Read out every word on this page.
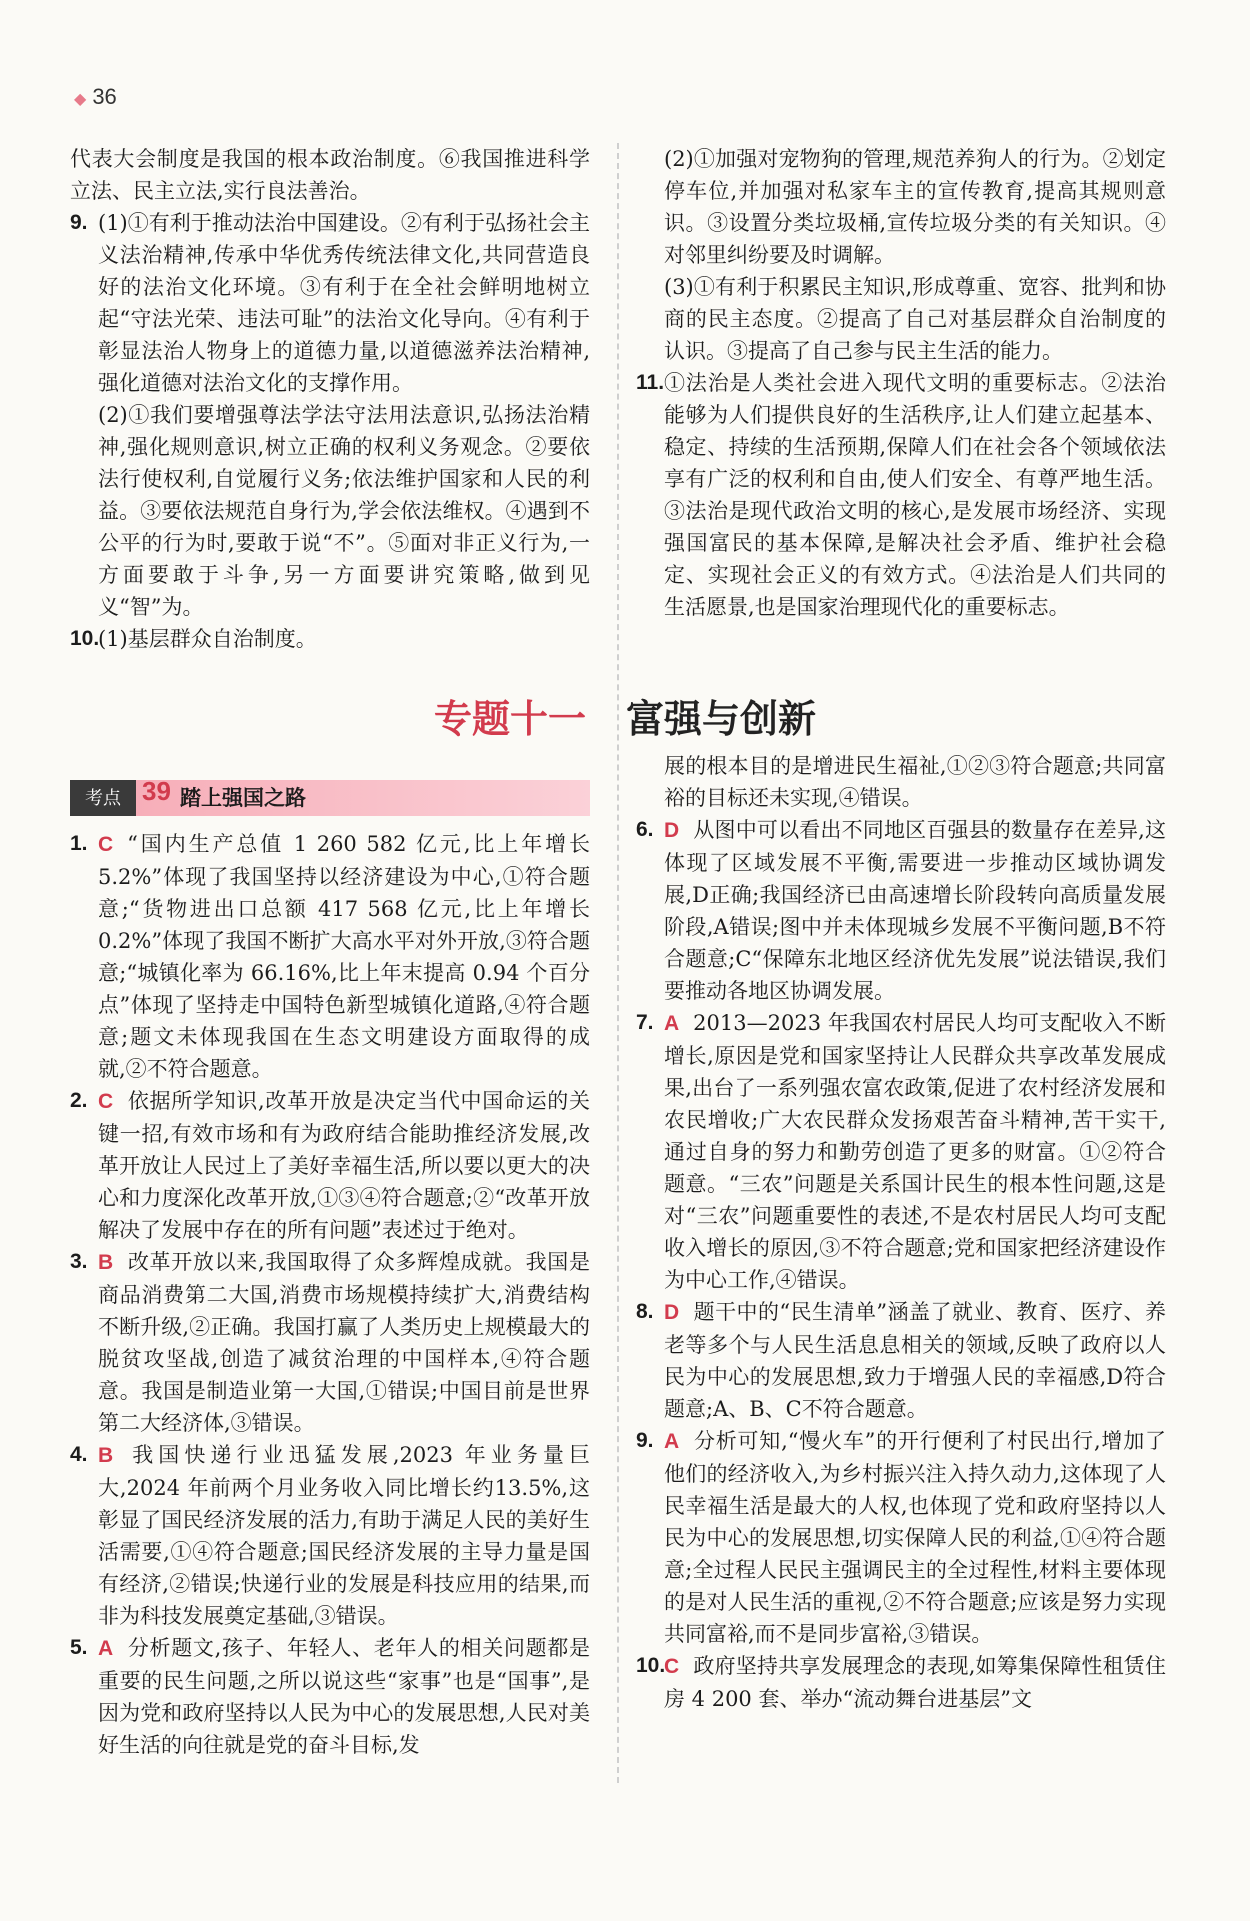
◆ 36

代表大会制度是我国的根本政治制度。⑥我国推进科学立法、民主立法,实行良法善治。

9. (1)①有利于推动法治中国建设。②有利于弘扬社会主义法治精神,传承中华优秀传统法律文化,共同营造良好的法治文化环境。③有利于在全社会鲜明地树立起“守法光荣、违法可耻”的法治文化导向。④有利于彰显法治人物身上的道德力量,以道德滋养法治精神,强化道德对法治文化的支撑作用。

(2)①我们要增强尊法学法守法用法意识,弘扬法治精神,强化规则意识,树立正确的权利义务观念。②要依法行使权利,自觉履行义务;依法维护国家和人民的利益。③要依法规范自身行为,学会依法维权。④遇到不公平的行为时,要敢于说“不”。⑤面对非正义行为,一方面要敢于斗争,另一方面要讲究策略,做到见义“智”为。

10.
(1)基层群众自治制度。

(2)①加强对宠物狗的管理,规范养狗人的行为。②划定停车位,并加强对私家车主的宣传教育,提高其规则意识。③设置分类垃圾桶,宣传垃圾分类的有关知识。④对邻里纠纷要及时调解。

(3)①有利于积累民主知识,形成尊重、宽容、批判和协商的民主态度。②提高了自己对基层群众自治制度的认识。③提高了自己参与民主生活的能力。

11. ①法治是人类社会进入现代文明的重要标志。②法治能够为人们提供良好的生活秩序,让人们建立起基本、稳定、持续的生活预期,保障人们在社会各个领域依法享有广泛的权利和自由,使人们安全、有尊严地生活。③法治是现代政治文明的核心,是发展市场经济、实现强国富民的基本保障,是解决社会矛盾、维护社会稳定、实现社会正义的有效方式。④法治是人们共同的生活愿景,也是国家治理现代化的重要标志。

专题十一 富强与创新
考点 39 踏上强国之路

1. C “国内生产总值 1 260 582 亿元,比上年增长 5.2%”体现了我国坚持以经济建设为中心,①符合题意;“货物进出口总额 417 568 亿元,比上年增长 0.2%”体现了我国不断扩大高水平对外开放,③符合题意;“城镇化率为 66.16%,比上年末提高 0.94 个百分点”体现了坚持走中国特色新型城镇化道路,④符合题意;题文未体现我国在生态文明建设方面取得的成就,②不符合题意。

2. C 依据所学知识,改革开放是决定当代中国命运的关键一招,有效市场和有为政府结合能助推经济发展,改革开放让人民过上了美好幸福生活,所以要以更大的决心和力度深化改革开放,①③④符合题意;②“改革开放解决了发展中存在的所有问题”表述过于绝对。

3. B 改革开放以来,我国取得了众多辉煌成就。我国是商品消费第二大国,消费市场规模持续扩大,消费结构不断升级,②正确。我国打赢了人类历史上规模最大的脱贫攻坚战,创造了减贫治理的中国样本,④符合题意。我国是制造业第一大国,①错误;中国目前是世界第二大经济体,③错误。

4. B 我国快递行业迅猛发展,2023 年业务量巨大,2024 年前两个月业务收入同比增长约13.5%,这彰显了国民经济发展的活力,有助于满足人民的美好生活需要,①④符合题意;国民经济发展的主导力量是国有经济,②错误;快递行业的发展是科技应用的结果,而非为科技发展奠定基础,③错误。

5. A 分析题文,孩子、年轻人、老年人的相关问题都是重要的民生问题,之所以说这些“家事”也是“国事”,是因为党和政府坚持以人民为中心的发展思想,人民对美好生活的向往就是党的奋斗目标,发

展的根本目的是增进民生福祉,①②③符合题意;共同富裕的目标还未实现,④错误。

6. D 从图中可以看出不同地区百强县的数量存在差异,这体现了区域发展不平衡,需要进一步推动区域协调发展,D正确;我国经济已由高速增长阶段转向高质量发展阶段,A错误;图中并未体现城乡发展不平衡问题,B不符合题意;C“保障东北地区经济优先发展”说法错误,我们要推动各地区协调发展。

7. A 2013—2023 年我国农村居民人均可支配收入不断增长,原因是党和国家坚持让人民群众共享改革发展成果,出台了一系列强农富农政策,促进了农村经济发展和农民增收;广大农民群众发扬艰苦奋斗精神,苦干实干,通过自身的努力和勤劳创造了更多的财富。①②符合题意。“三农”问题是关系国计民生的根本性问题,这是对“三农”问题重要性的表述,不是农村居民人均可支配收入增长的原因,③不符合题意;党和国家把经济建设作为中心工作,④错误。

8. D 题干中的“民生清单”涵盖了就业、教育、医疗、养老等多个与人民生活息息相关的领域,反映了政府以人民为中心的发展思想,致力于增强人民的幸福感,D符合题意;A、B、C不符合题意。

9. A 分析可知,“慢火车”的开行便利了村民出行,增加了他们的经济收入,为乡村振兴注入持久动力,这体现了人民幸福生活是最大的人权,也体现了党和政府坚持以人民为中心的发展思想,切实保障人民的利益,①④符合题意;全过程人民民主强调民主的全过程性,材料主要体现的是对人民生活的重视,②不符合题意;应该是努力实现共同富裕,而不是同步富裕,③错误。

10.
C 政府坚持共享发展理念的表现,如筹集保障性租赁住房 4 200 套、举办“流动舞台进基层”文
